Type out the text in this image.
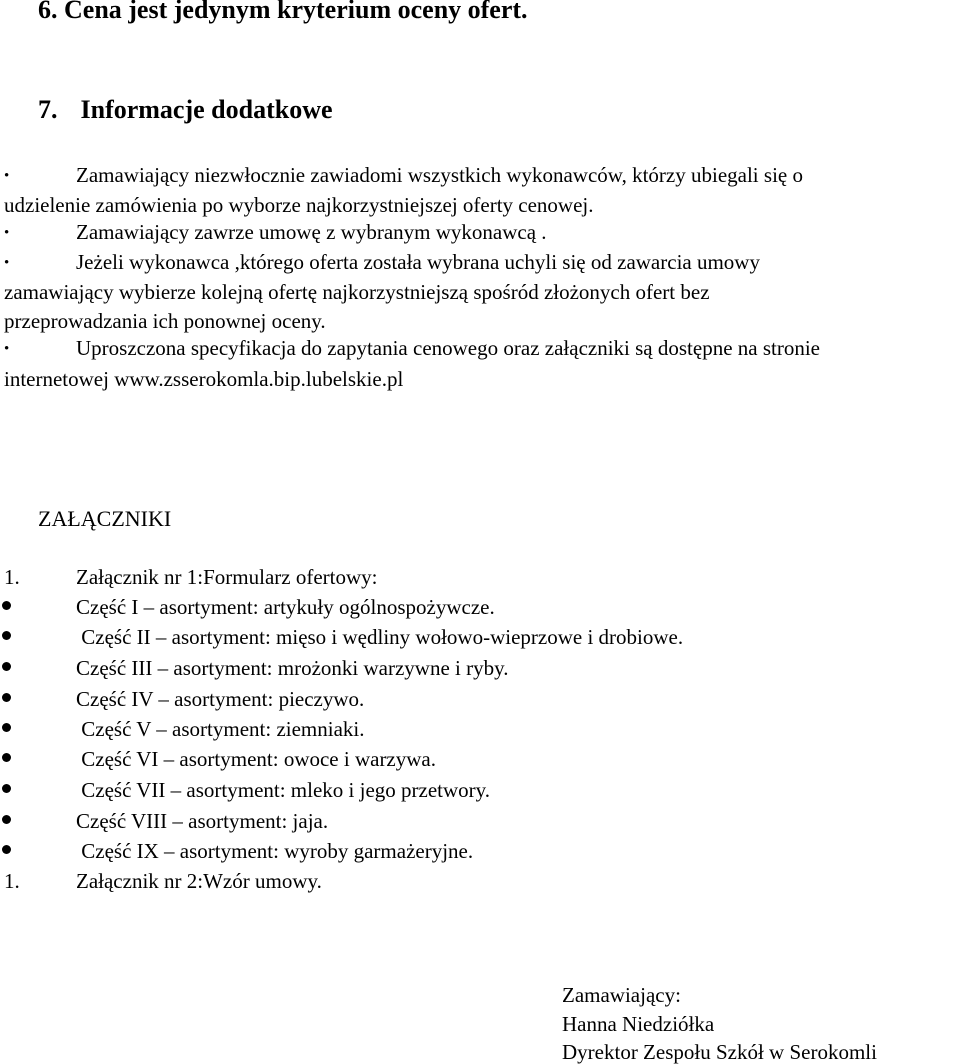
6. Cena jest jedynym kryterium oceny ofert.
7. Informacje dodatkowe
•	Zamawiający niezwłocznie zawiadomi wszystkich wykonawców, którzy ubiegali się o
udzielenie zamówienia po wyborze najkorzystniejszej oferty cenowej.
•	Zamawiający zawrze umowę z wybranym wykonawcą .
•	Jeżeli wykonawca ,którego oferta została wybrana uchyli się od zawarcia umowy
zamawiający wybierze kolejną ofertę najkorzystniejszą spośród złożonych ofert bez
przeprowadzania ich ponownej oceny.
•	Uproszczona specyfikacja do zapytania cenowego oraz załączniki są dostępne na stronie
internetowej www.zsserokomla.bip.lubelskie.pl
ZAŁĄCZNIKI
1.	Załącznik nr 1:Formularz ofertowy:
Część I – asortyment: artykuły ogólnospożywcze.
Część II – asortyment: mięso i wędliny wołowo-wieprzowe i drobiowe.
Część III – asortyment: mrożonki warzywne i ryby.
Część IV – asortyment: pieczywo.
Część V – asortyment: ziemniaki.
Część VI – asortyment: owoce i warzywa.
Część VII – asortyment: mleko i jego przetwory.
Część VIII – asortyment: jaja.
Część IX – asortyment: wyroby garmażeryjne.
1.	Załącznik nr 2:Wzór umowy.
Zamawiający:
Hanna Niedziółka
Dyrektor Zespołu Szkół w Serokomli
